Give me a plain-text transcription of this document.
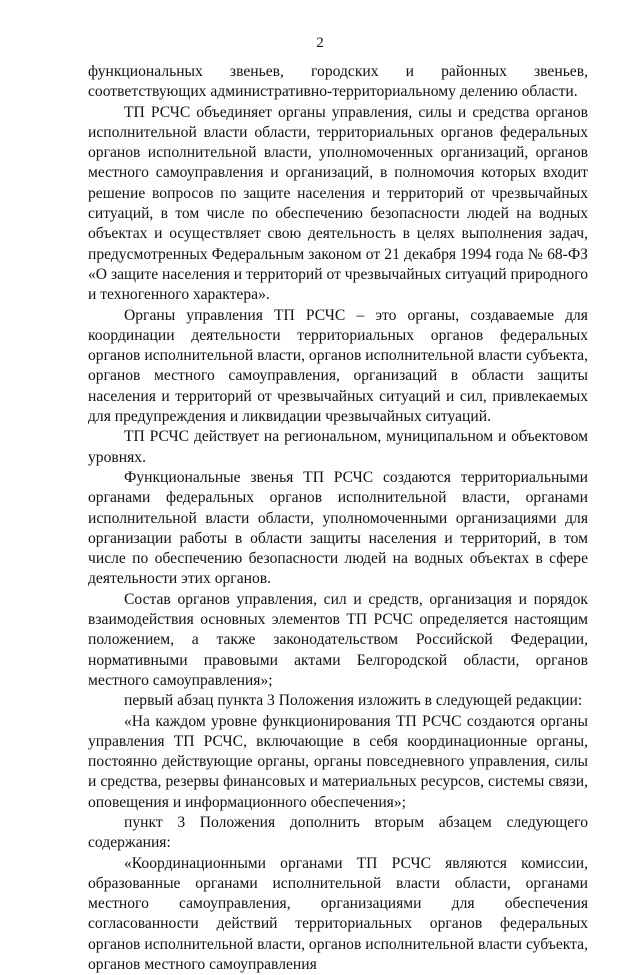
2

функциональных звеньев, городских и районных звеньев, соответствующих административно-территориальному делению области.

ТП РСЧС объединяет органы управления, силы и средства органов исполнительной власти области, территориальных органов федеральных органов исполнительной власти, уполномоченных организаций, органов местного самоуправления и организаций, в полномочия которых входит решение вопросов по защите населения и территорий от чрезвычайных ситуаций, в том числе по обеспечению безопасности людей на водных объектах и осуществляет свою деятельность в целях выполнения задач, предусмотренных Федеральным законом от 21 декабря 1994 года № 68-ФЗ «О защите населения и территорий от чрезвычайных ситуаций природного и техногенного характера».

Органы управления ТП РСЧС – это органы, создаваемые для координации деятельности территориальных органов федеральных органов исполнительной власти, органов исполнительной власти субъекта, органов местного самоуправления, организаций в области защиты населения и территорий от чрезвычайных ситуаций и сил, привлекаемых для предупреждения и ликвидации чрезвычайных ситуаций.

ТП РСЧС действует на региональном, муниципальном и объектовом уровнях.

Функциональные звенья ТП РСЧС создаются территориальными органами федеральных органов исполнительной власти, органами исполнительной власти области, уполномоченными организациями для организации работы в области защиты населения и территорий, в том числе по обеспечению безопасности людей на водных объектах в сфере деятельности этих органов.

Состав органов управления, сил и средств, организация и порядок взаимодействия основных элементов ТП РСЧС определяется настоящим положением, а также законодательством Российской Федерации, нормативными правовыми актами Белгородской области, органов местного самоуправления»;

первый абзац пункта 3 Положения изложить в следующей редакции:

«На каждом уровне функционирования ТП РСЧС создаются органы управления ТП РСЧС, включающие в себя координационные органы, постоянно действующие органы, органы повседневного управления, силы и средства, резервы финансовых и материальных ресурсов, системы связи, оповещения и информационного обеспечения»;

пункт 3 Положения дополнить вторым абзацем следующего содержания:

«Координационными органами ТП РСЧС являются комиссии, образованные органами исполнительной власти области, органами местного самоуправления, организациями для обеспечения согласованности действий территориальных органов федеральных органов исполнительной власти, органов исполнительной власти субъекта, органов местного самоуправления
